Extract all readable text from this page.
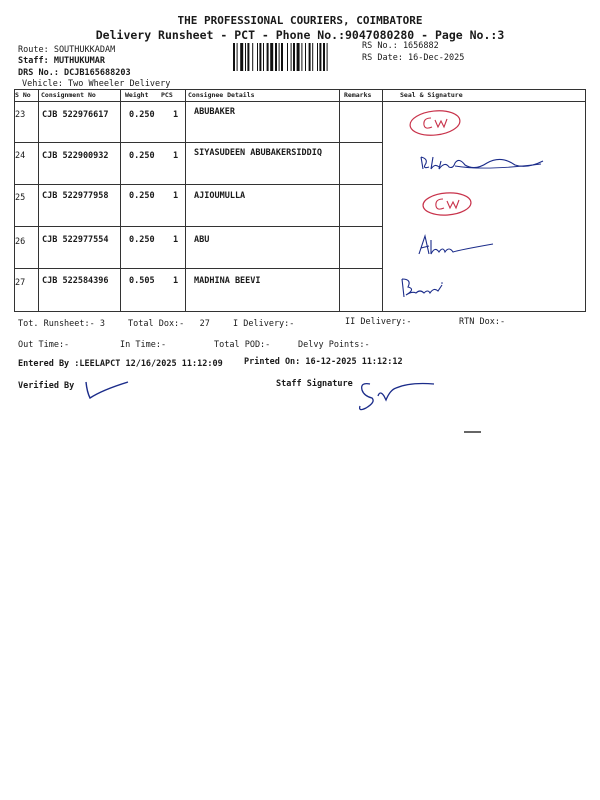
THE PROFESSIONAL COURIERS, COIMBATORE
Delivery Runsheet - PCT - Phone No.:9047080280 - Page No.:3
Route: SOUTHUKKADAM
Staff: MUTHUKUMAR
DRS No.: DCJB165688203
Vehicle: Two Wheeler Delivery
RS No.: 1656882
RS Date: 16-Dec-2025
S No Consignment No	Weight PCS Consignee Details	Remarks	Seal & Signature
23 CJB 522976617 0.250 1 ABUBAKER
24 CJB 522900932 0.250 1 SIYASUDEEN ABUBAKERSIDDIQ
25 CJB 522977958 0.250 1 AJIOUMULLA
26 CJB 522977554 0.250 1 ABU
27 CJB 522584396 0.505 1 MADHINA BEEVI
Tot. Runsheet:- 3	Total Dox:-   27	I Delivery:-	II Delivery:-	RTN Dox:-
Out Time:-	In Time:-	Total POD:-	Delvy Points:-
Entered By :LEELAPCT 12/16/2025 11:12:09	Printed On: 16-12-2025 11:12:12
Verified By	Staff Signature
